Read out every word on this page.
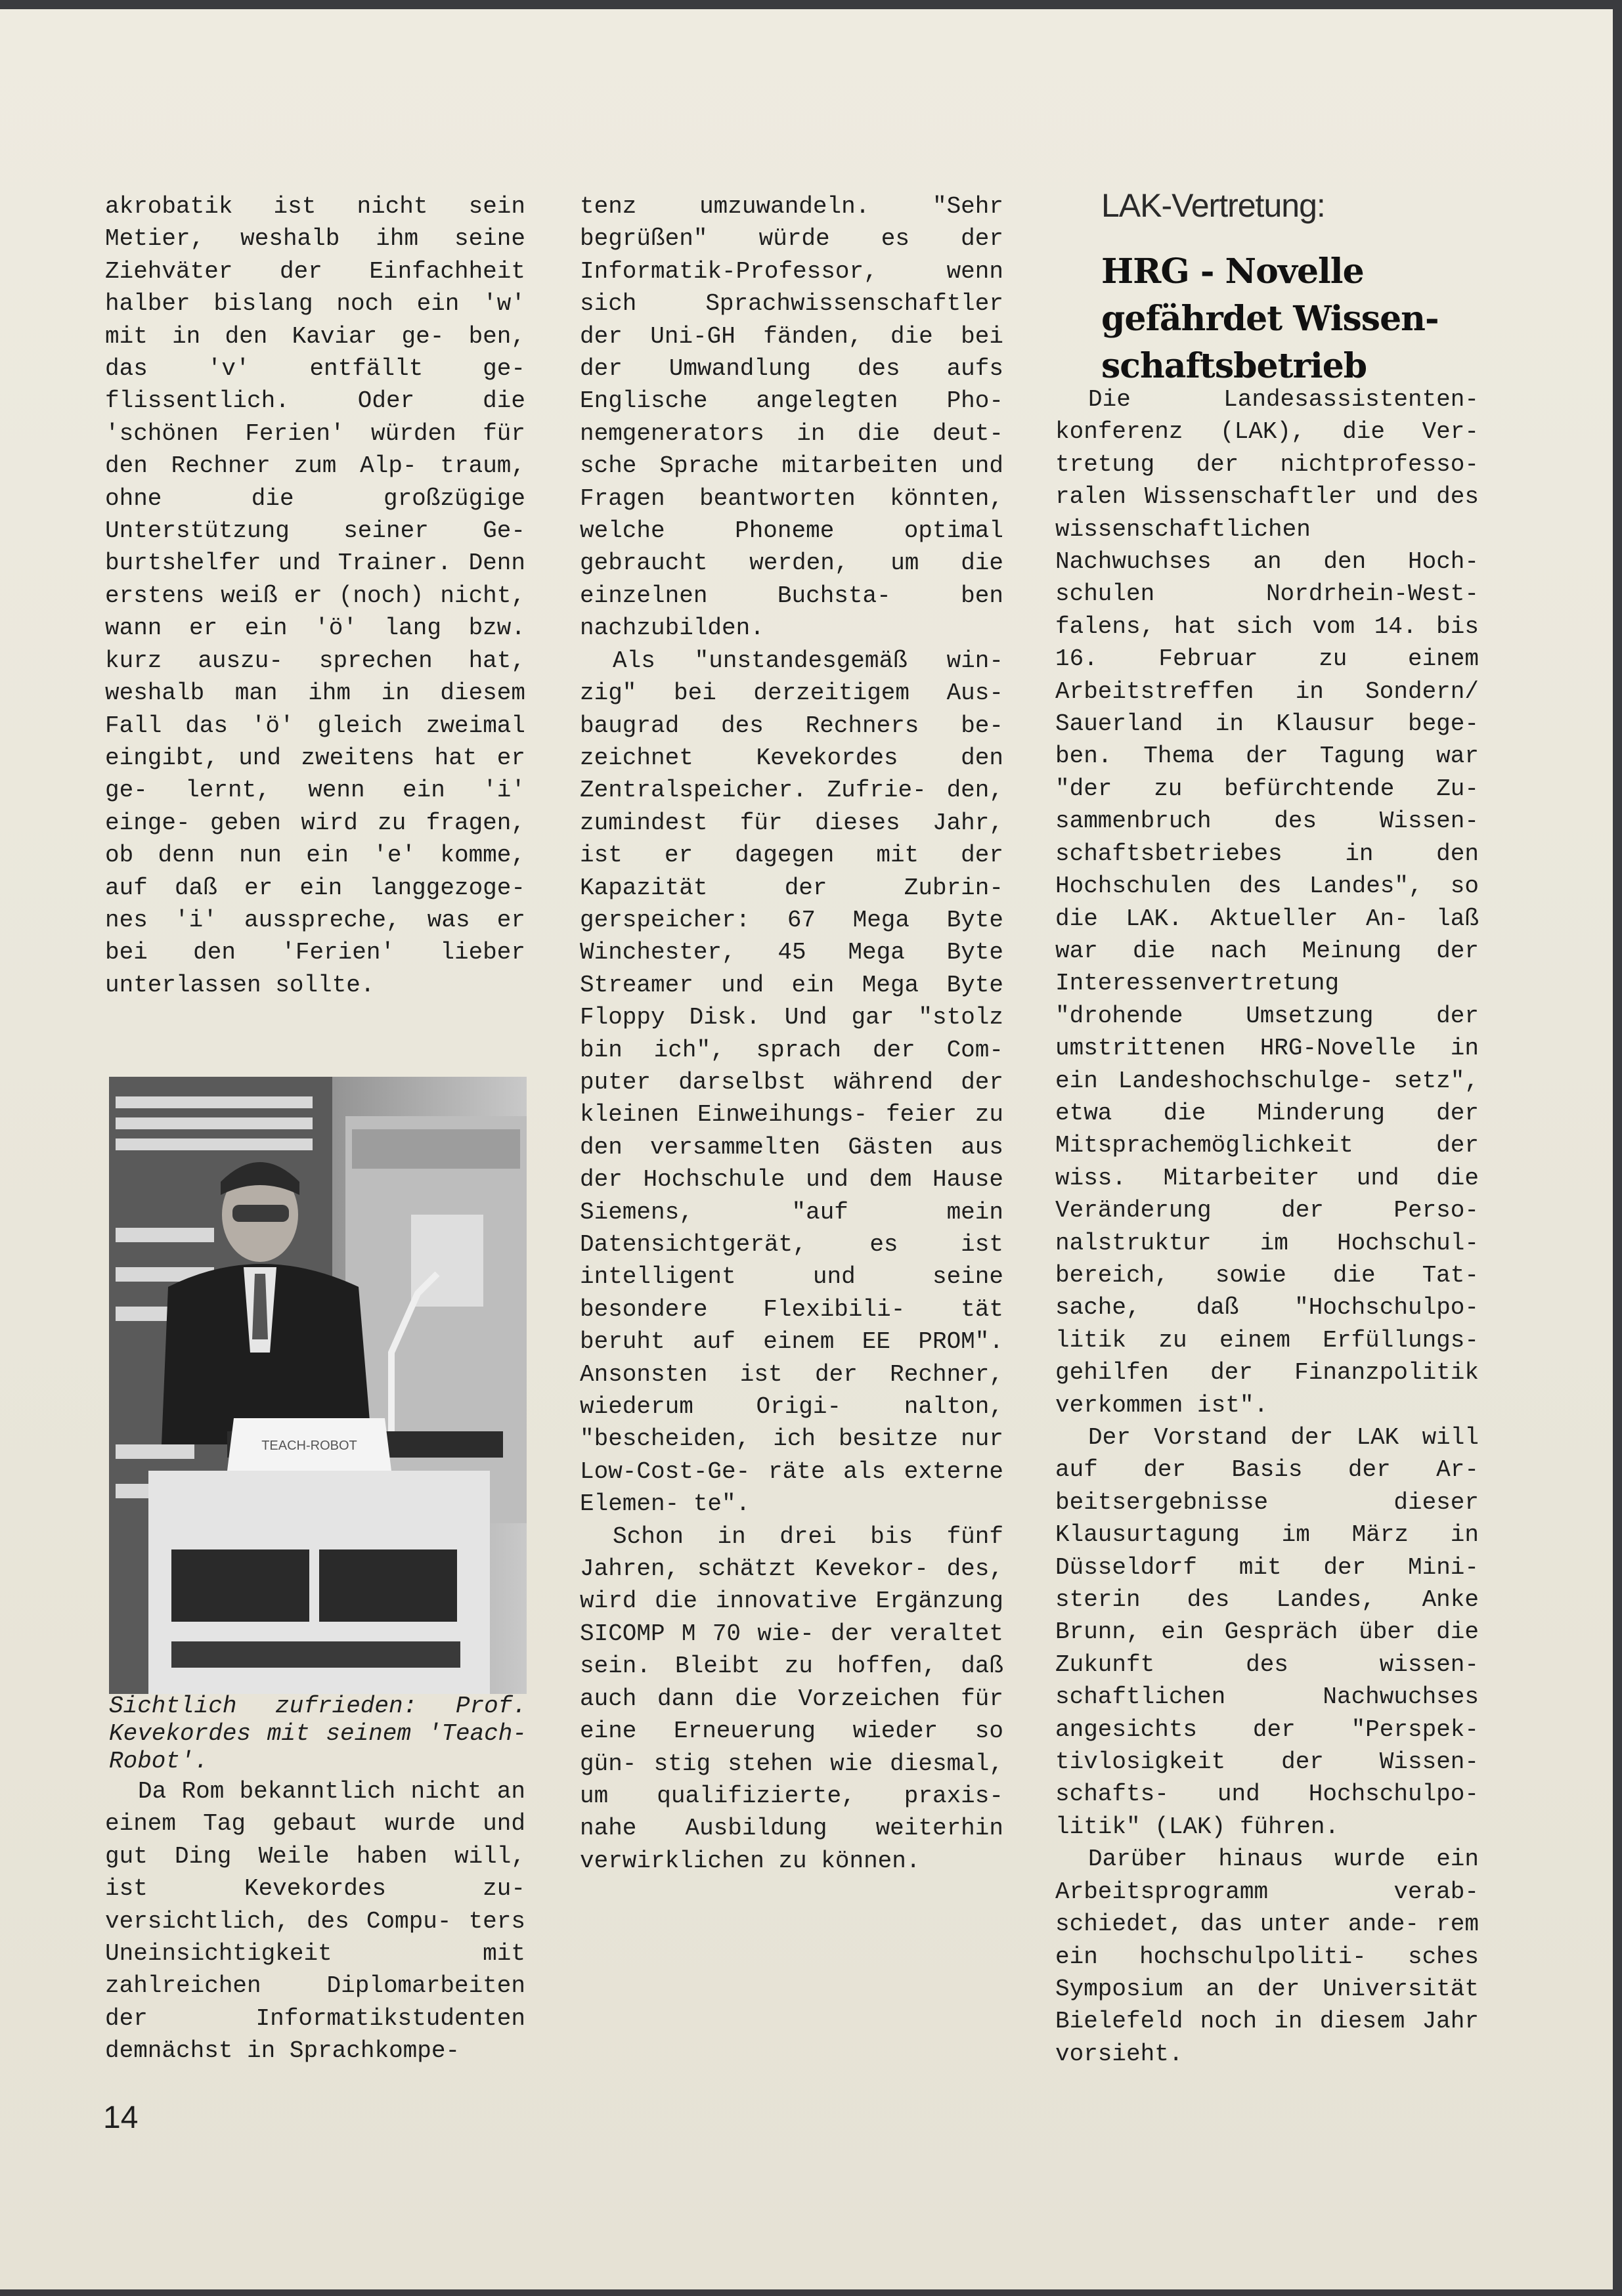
akrobatik ist nicht sein Metier, weshalb ihm seine Ziehväter der Einfachheit halber bislang noch ein 'w' mit in den Kaviar ge- ben, das 'v' entfällt ge- flissentlich. Oder die 'schönen Ferien' würden für den Rechner zum Alp- traum, ohne die großzügige Unterstützung seiner Ge- burtshelfer und Trainer. Denn erstens weiß er (noch) nicht, wann er ein 'ö' lang bzw. kurz auszu- sprechen hat, weshalb man ihm in diesem Fall das 'ö' gleich zweimal eingibt, und zweitens hat er ge- lernt, wenn ein 'i' einge- geben wird zu fragen, ob denn nun ein 'e' komme, auf daß er ein langgezoge- nes 'i' ausspreche, was er bei den 'Ferien' lieber unterlassen sollte.

TEACH-ROBOT
Sichtlich zufrieden: Prof. Kevekordes mit seinem 'Teach-Robot'.

Da Rom bekanntlich nicht an einem Tag gebaut wurde und gut Ding Weile haben will, ist Kevekordes zu- versichtlich, des Compu- ters Uneinsichtigkeit mit zahlreichen Diplomarbeiten der Informatikstudenten demnächst in Sprachkompe-

tenz umzuwandeln. "Sehr begrüßen" würde es der Informatik-Professor, wenn sich Sprachwissenschaftler der Uni-GH fänden, die bei der Umwandlung des aufs Englische angelegten Pho- nemgenerators in die deut- sche Sprache mitarbeiten und Fragen beantworten könnten, welche Phoneme optimal gebraucht werden, um die einzelnen Buchsta- ben nachzubilden.

Als "unstandesgemäß win- zig" bei derzeitigem Aus- baugrad des Rechners be- zeichnet Kevekordes den Zentralspeicher. Zufrie- den, zumindest für dieses Jahr, ist er dagegen mit der Kapazität der Zubrin- gerspeicher: 67 Mega Byte Winchester, 45 Mega Byte Streamer und ein Mega Byte Floppy Disk. Und gar "stolz bin ich", sprach der Com- puter darselbst während der kleinen Einweihungs- feier zu den versammelten Gästen aus der Hochschule und dem Hause Siemens, "auf mein Datensichtgerät, es ist intelligent und seine besondere Flexibili- tät beruht auf einem EE PROM". Ansonsten ist der Rechner, wiederum Origi- nalton, "bescheiden, ich besitze nur Low-Cost-Ge- räte als externe Elemen- te".

Schon in drei bis fünf Jahren, schätzt Kevekor- des, wird die innovative Ergänzung SICOMP M 70 wie- der veraltet sein. Bleibt zu hoffen, daß auch dann die Vorzeichen für eine Erneuerung wieder so gün- stig stehen wie diesmal, um qualifizierte, praxis- nahe Ausbildung weiterhin verwirklichen zu können.

LAK-Vertretung:
HRG - Novelle gefährdet Wissen- schaftsbetrieb

Die Landesassistenten- konferenz (LAK), die Ver- tretung der nichtprofesso- ralen Wissenschaftler und des wissenschaftlichen Nachwuchses an den Hoch- schulen Nordrhein-West- falens, hat sich vom 14. bis 16. Februar zu einem Arbeitstreffen in Sondern/ Sauerland in Klausur bege- ben. Thema der Tagung war "der zu befürchtende Zu- sammenbruch des Wissen- schaftsbetriebes in den Hochschulen des Landes", so die LAK. Aktueller An- laß war die nach Meinung der Interessenvertretung "drohende Umsetzung der umstrittenen HRG-Novelle in ein Landeshochschulge- setz", etwa die Minderung der Mitsprachemöglichkeit der wiss. Mitarbeiter und die Veränderung der Perso- nalstruktur im Hochschul- bereich, sowie die Tat- sache, daß "Hochschulpo- litik zu einem Erfüllungs- gehilfen der Finanzpolitik verkommen ist".

Der Vorstand der LAK will auf der Basis der Ar- beitsergebnisse dieser Klausurtagung im März in Düsseldorf mit der Mini- sterin des Landes, Anke Brunn, ein Gespräch über die Zukunft des wissen- schaftlichen Nachwuchses angesichts der "Perspek- tivlosigkeit der Wissen- schafts- und Hochschulpo- litik" (LAK) führen.

Darüber hinaus wurde ein Arbeitsprogramm verab- schiedet, das unter ande- rem ein hochschulpoliti- sches Symposium an der Universität Bielefeld noch in diesem Jahr vorsieht.

14
